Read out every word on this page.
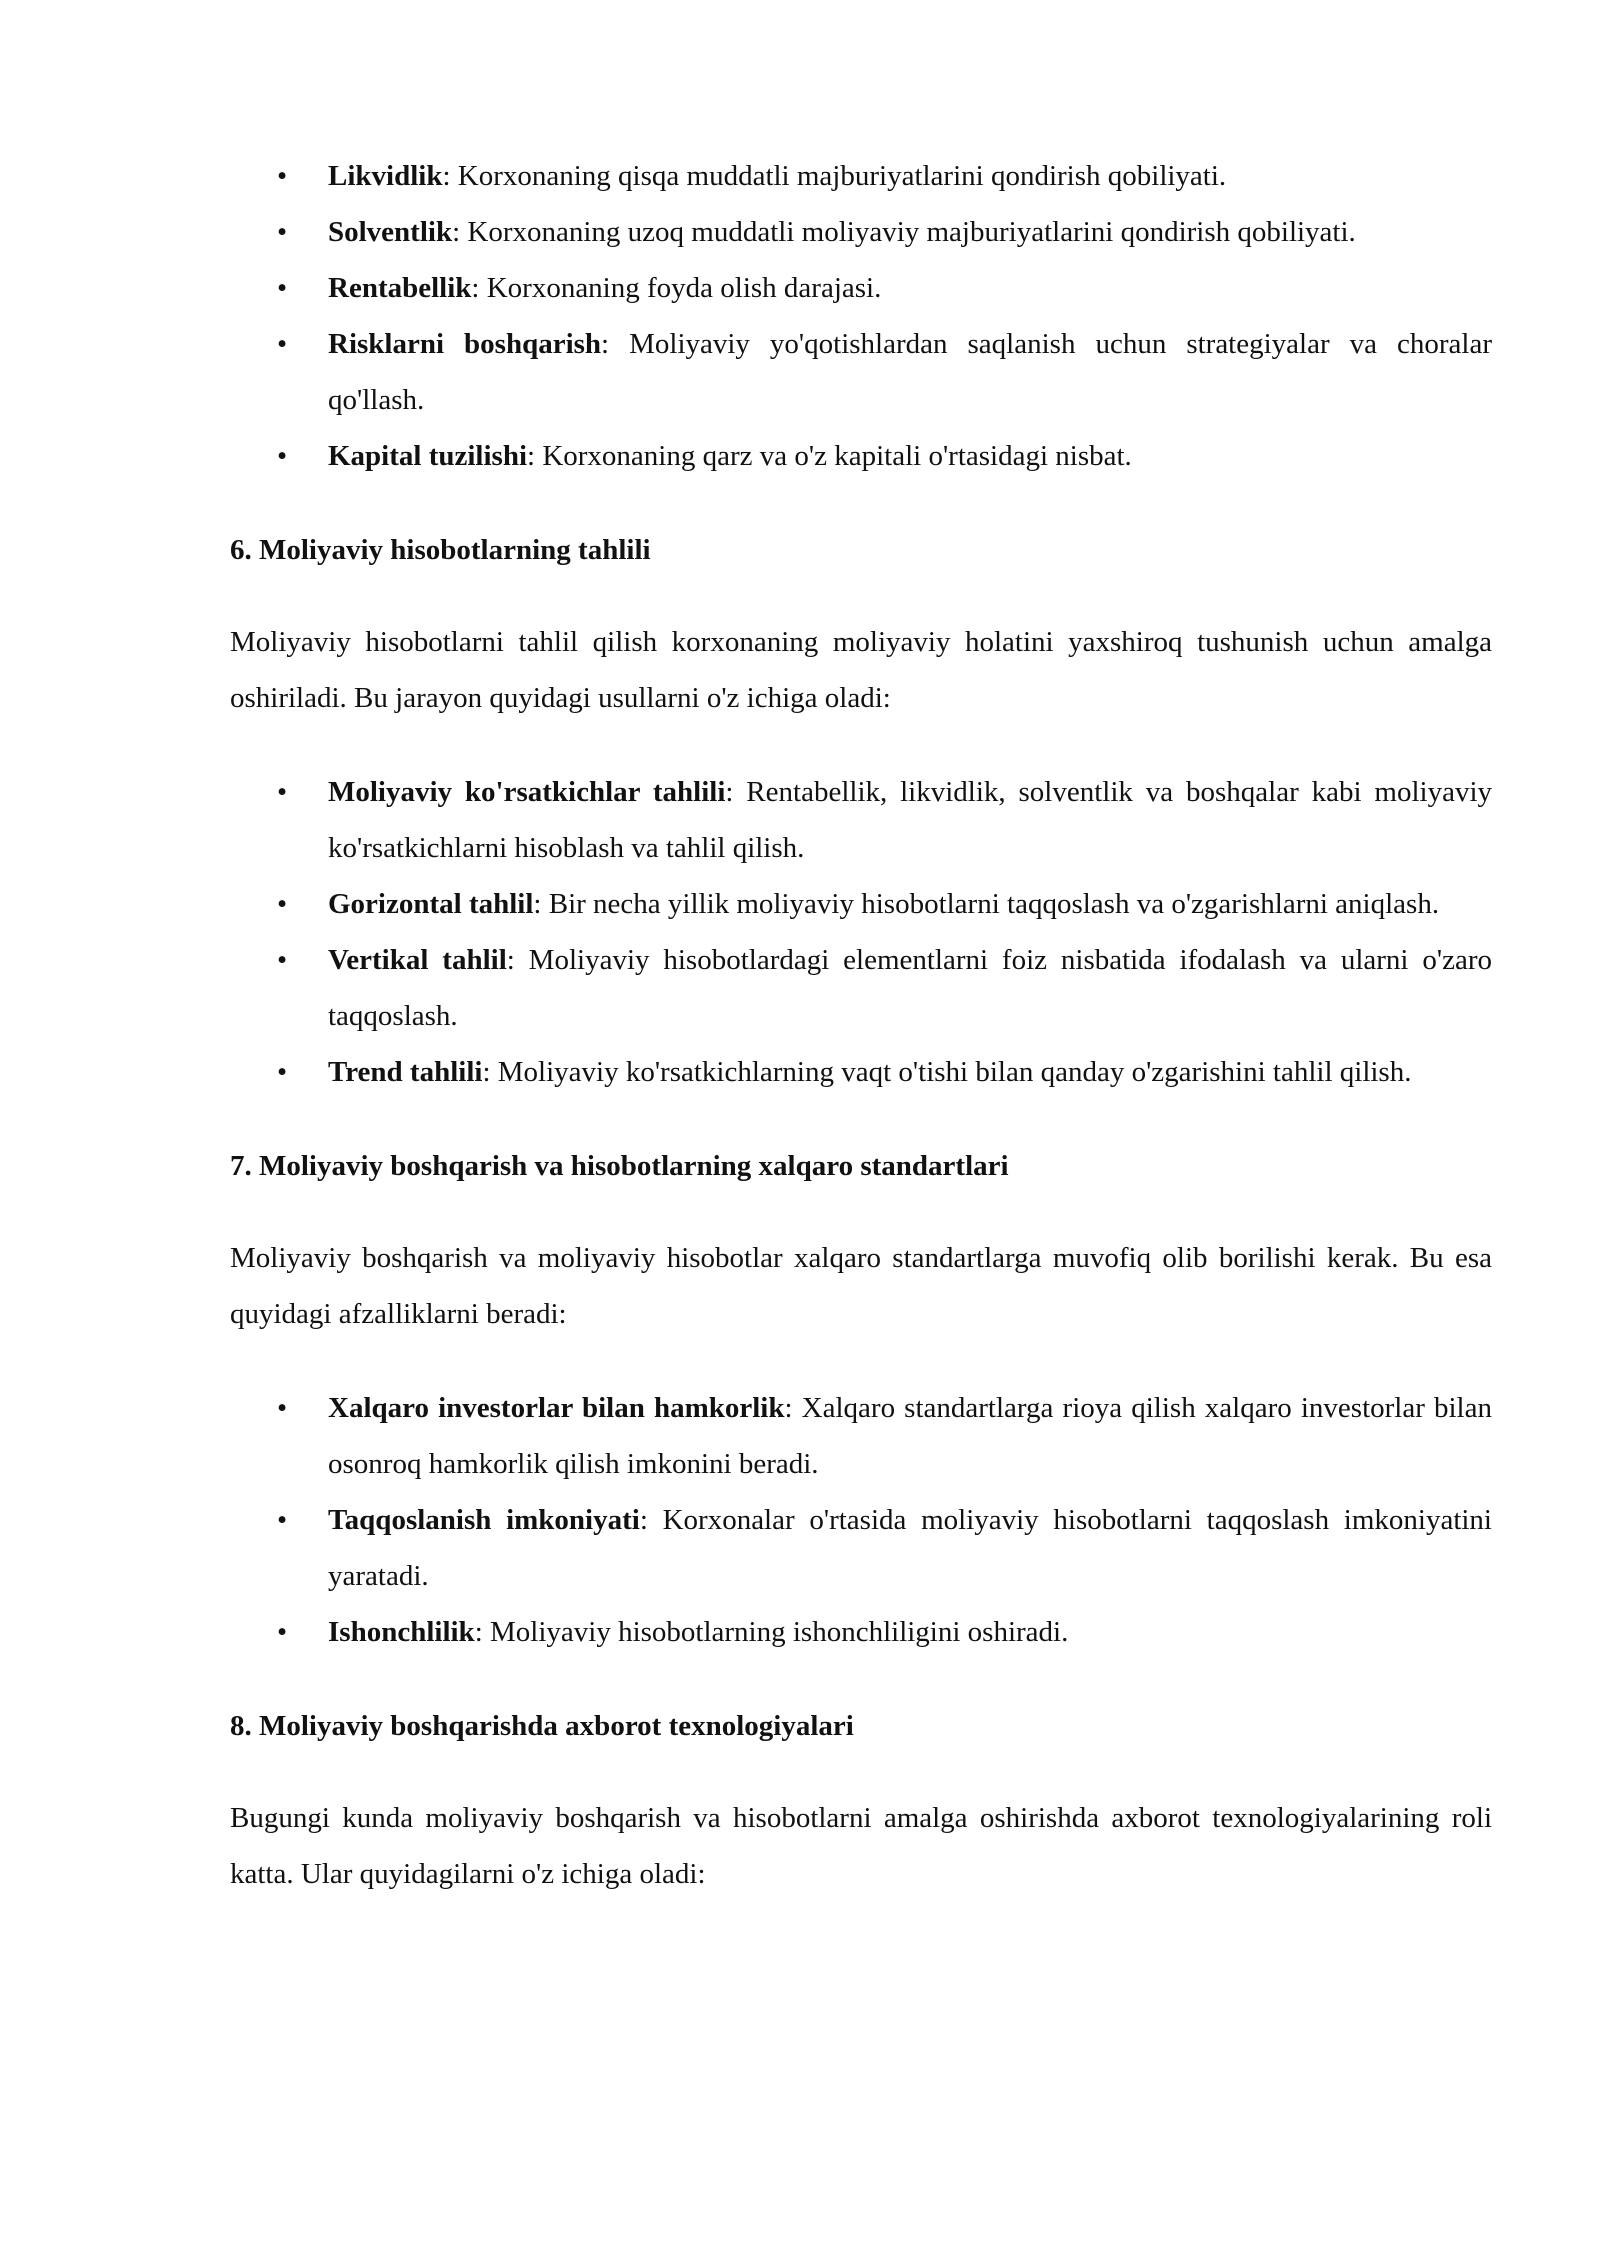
• Likvidlik: Korxonaning qisqa muddatli majburiyatlarini qondirish qobiliyati.
• Solventlik: Korxonaning uzoq muddatli moliyaviy majburiyatlarini qondirish qobiliyati.
• Rentabellik: Korxonaning foyda olish darajasi.
• Risklarni boshqarish: Moliyaviy yo'qotishlardan saqlanish uchun strategiyalar va choralar qo'llash.
• Kapital tuzilishi: Korxonaning qarz va o'z kapitali o'rtasidagi nisbat.
6. Moliyaviy hisobotlarning tahlili

Moliyaviy hisobotlarni tahlil qilish korxonaning moliyaviy holatini yaxshiroq tushunish uchun amalga oshiriladi. Bu jarayon quyidagi usullarni o'z ichiga oladi:

• Moliyaviy ko'rsatkichlar tahlili: Rentabellik, likvidlik, solventlik va boshqalar kabi moliyaviy ko'rsatkichlarni hisoblash va tahlil qilish.
• Gorizontal tahlil: Bir necha yillik moliyaviy hisobotlarni taqqoslash va o'zgarishlarni aniqlash.
• Vertikal tahlil: Moliyaviy hisobotlardagi elementlarni foiz nisbatida ifodalash va ularni o'zaro taqqoslash.
• Trend tahlili: Moliyaviy ko'rsatkichlarning vaqt o'tishi bilan qanday o'zgarishini tahlil qilish.
7. Moliyaviy boshqarish va hisobotlarning xalqaro standartlari

Moliyaviy boshqarish va moliyaviy hisobotlar xalqaro standartlarga muvofiq olib borilishi kerak. Bu esa quyidagi afzalliklarni beradi:

• Xalqaro investorlar bilan hamkorlik: Xalqaro standartlarga rioya qilish xalqaro investorlar bilan osonroq hamkorlik qilish imkonini beradi.
• Taqqoslanish imkoniyati: Korxonalar o'rtasida moliyaviy hisobotlarni taqqoslash imkoniyatini yaratadi.
• Ishonchlilik: Moliyaviy hisobotlarning ishonchliligini oshiradi.
8. Moliyaviy boshqarishda axborot texnologiyalari

Bugungi kunda moliyaviy boshqarish va hisobotlarni amalga oshirishda axborot texnologiyalarining roli katta. Ular quyidagilarni o'z ichiga oladi:
